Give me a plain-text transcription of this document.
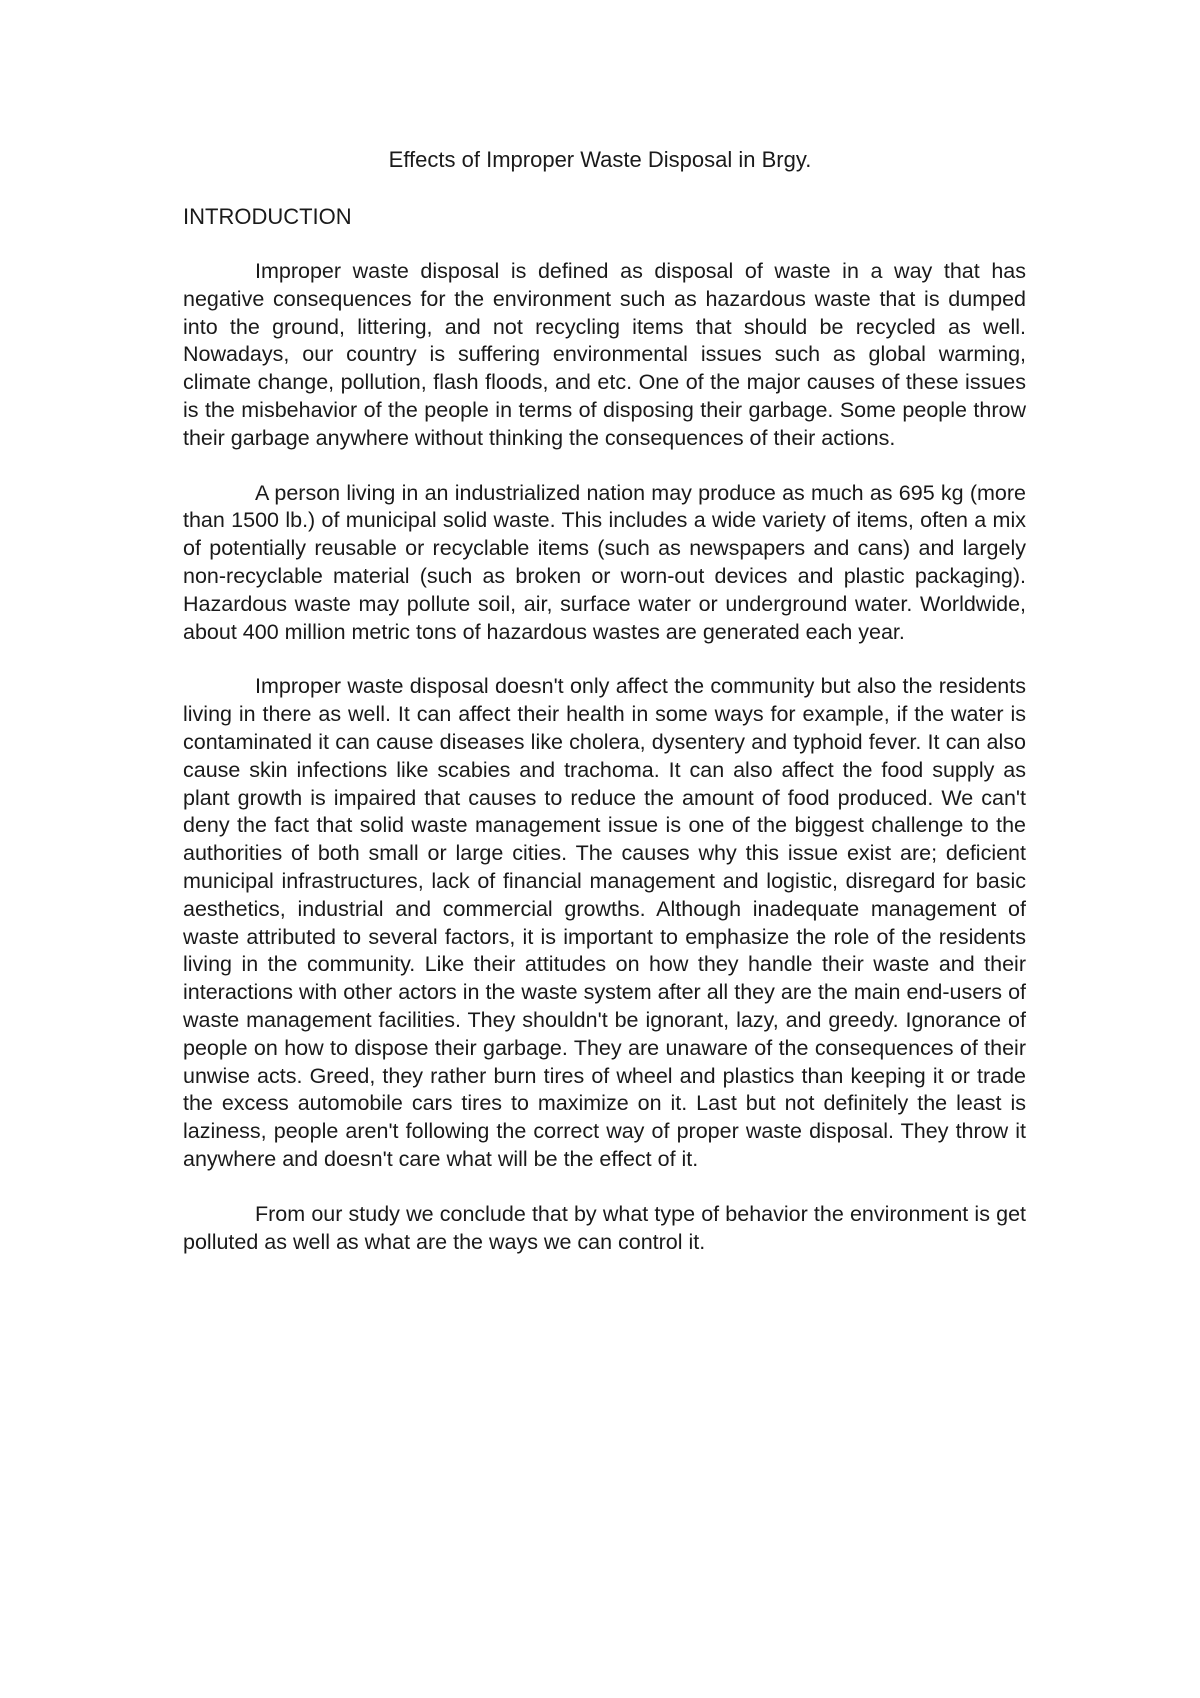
Effects of Improper Waste Disposal in Brgy.
INTRODUCTION

Improper waste disposal is defined as disposal of waste in a way that has negative consequences for the environment such as hazardous waste that is dumped into the ground, littering, and not recycling items that should be recycled as well. Nowadays, our country is suffering environmental issues such as global warming, climate change, pollution, flash floods, and etc. One of the major causes of these issues is the misbehavior of the people in terms of disposing their garbage. Some people throw their garbage anywhere without thinking the consequences of their actions.

A person living in an industrialized nation may produce as much as 695 kg (more than 1500 lb.) of municipal solid waste. This includes a wide variety of items, often a mix of potentially reusable or recyclable items (such as newspapers and cans) and largely non-recyclable material (such as broken or worn-out devices and plastic packaging). Hazardous waste may pollute soil, air, surface water or underground water. Worldwide, about 400 million metric tons of hazardous wastes are generated each year.

Improper waste disposal doesn't only affect the community but also the residents living in there as well. It can affect their health in some ways for example, if the water is contaminated it can cause diseases like cholera, dysentery and typhoid fever. It can also cause skin infections like scabies and trachoma. It can also affect the food supply as plant growth is impaired that causes to reduce the amount of food produced. We can't deny the fact that solid waste management issue is one of the biggest challenge to the authorities of both small or large cities. The causes why this issue exist are; deficient municipal infrastructures, lack of financial management and logistic, disregard for basic aesthetics, industrial and commercial growths. Although inadequate management of waste attributed to several factors, it is important to emphasize the role of the residents living in the community. Like their attitudes on how they handle their waste and their interactions with other actors in the waste system after all they are the main end-users of waste management facilities. They shouldn't be ignorant, lazy, and greedy. Ignorance of people on how to dispose their garbage. They are unaware of the consequences of their unwise acts. Greed, they rather burn tires of wheel and plastics than keeping it or trade the excess automobile cars tires to maximize on it. Last but not definitely the least is laziness, people aren't following the correct way of proper waste disposal. They throw it anywhere and doesn't care what will be the effect of it.

From our study we conclude that by what type of behavior the environment is get polluted as well as what are the ways we can control it.
